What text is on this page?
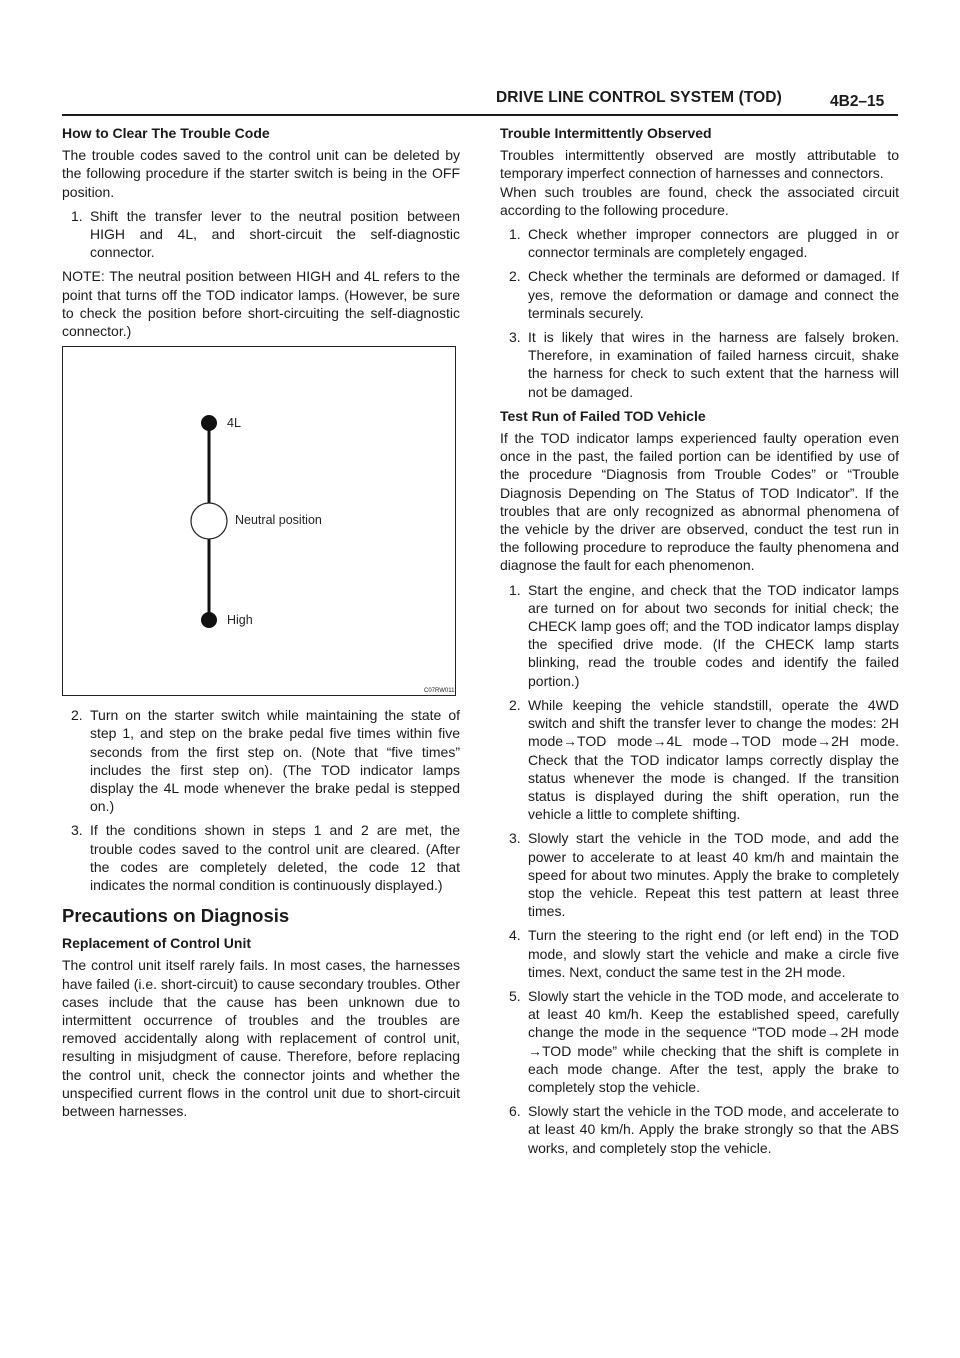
DRIVE LINE CONTROL SYSTEM (TOD)	4B2–15
How to Clear The Trouble Code

The trouble codes saved to the control unit can be deleted by the following procedure if the starter switch is being in the OFF position.

1. Shift the transfer lever to the neutral position between HIGH and 4L, and short-circuit the self-diagnostic connector.

NOTE: The neutral position between HIGH and 4L refers to the point that turns off the TOD indicator lamps. (However, be sure to check the position before short-circuiting the self-diagnostic connector.)

4L
Neutral position
High
C07RW011
2. Turn on the starter switch while maintaining the state of step 1, and step on the brake pedal five times within five seconds from the first step on. (Note that “five times” includes the first step on). (The TOD indicator lamps display the 4L mode whenever the brake pedal is stepped on.)
3. If the conditions shown in steps 1 and 2 are met, the trouble codes saved to the control unit are cleared. (After the codes are completely deleted, the code 12 that indicates the normal condition is continuously displayed.)
Precautions on Diagnosis
Replacement of Control Unit

The control unit itself rarely fails. In most cases, the harnesses have failed (i.e. short-circuit) to cause secondary troubles. Other cases include that the cause has been unknown due to intermittent occurrence of troubles and the troubles are removed accidentally along with replacement of control unit, resulting in misjudgment of cause. Therefore, before replacing the control unit, check the connector joints and whether the unspecified current flows in the control unit due to short-circuit between harnesses.

Trouble Intermittently Observed

Troubles intermittently observed are mostly attributable to temporary imperfect connection of harnesses and connectors.

When such troubles are found, check the associated circuit according to the following procedure.

1. Check whether improper connectors are plugged in or connector terminals are completely engaged.
2. Check whether the terminals are deformed or damaged. If yes, remove the deformation or damage and connect the terminals securely.
3. It is likely that wires in the harness are falsely broken. Therefore, in examination of failed harness circuit, shake the harness for check to such extent that the harness will not be damaged.
Test Run of Failed TOD Vehicle

If the TOD indicator lamps experienced faulty operation even once in the past, the failed portion can be identified by use of the procedure “Diagnosis from Trouble Codes” or “Trouble Diagnosis Depending on The Status of TOD Indicator”. If the troubles that are only recognized as abnormal phenomena of the vehicle by the driver are observed, conduct the test run in the following procedure to reproduce the faulty phenomena and diagnose the fault for each phenomenon.

1. Start the engine, and check that the TOD indicator lamps are turned on for about two seconds for initial check; the CHECK lamp goes off; and the TOD indicator lamps display the specified drive mode. (If the CHECK lamp starts blinking, read the trouble codes and identify the failed portion.)
2. While keeping the vehicle standstill, operate the 4WD switch and shift the transfer lever to change the modes: 2H mode→TOD mode→4L mode→TOD mode→2H mode. Check that the TOD indicator lamps correctly display the status whenever the mode is changed. If the transition status is displayed during the shift operation, run the vehicle a little to complete shifting.
3. Slowly start the vehicle in the TOD mode, and add the power to accelerate to at least 40 km/h and maintain the speed for about two minutes. Apply the brake to completely stop the vehicle. Repeat this test pattern at least three times.
4. Turn the steering to the right end (or left end) in the TOD mode, and slowly start the vehicle and make a circle five times. Next, conduct the same test in the 2H mode.
5. Slowly start the vehicle in the TOD mode, and accelerate to at least 40 km/h. Keep the established speed, carefully change the mode in the sequence “TOD mode→2H mode →TOD mode” while checking that the shift is complete in each mode change. After the test, apply the brake to completely stop the vehicle.
6. Slowly start the vehicle in the TOD mode, and accelerate to at least 40 km/h. Apply the brake strongly so that the ABS works, and completely stop the vehicle.
